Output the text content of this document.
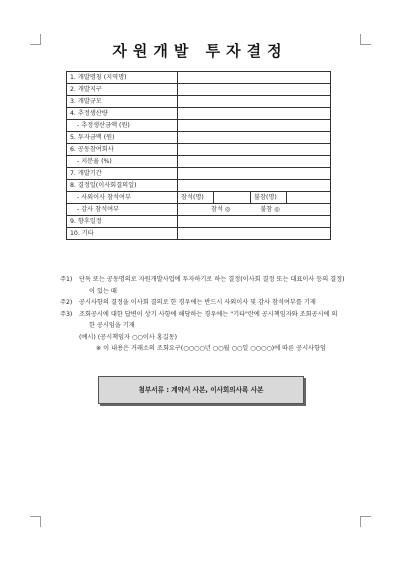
자원개발 투자결정
1. 개발명칭 (지역명)	
2. 개발지구	
3. 개발규모	
4. 추정생산량	
- 추정생산금액 (원)	
5. 투자금액 (원)	
6. 공동참여회사	
- 지분율 (%)	
7. 개발기간	
8. 결정일(이사회결의일)	
- 사외이사 참석여부		참석(명)		불참(명)	

- 감사 참석여부	참석 ◎	불참 ◎
9. 향후일정	
10. 기타	
주1)	단독 또는 공동명의로 자원개발사업에 투자하기로 하는 결정(이사회 결정 또는 대표이사 등의 결정)
이 있는 때
주2)	공시사항의 결정을 이사회 결의로 한 경우에는 반드시 사외이사 및 감사 참석여부를 기재
주3)	조회공시에 대한 답변이 상기 사항에 해당하는 경우에는 "기타"란에 공시책임자와 조회공시에 의
한 공시임을 기재
(예시) (공시책임자 ○○이사 홍길동)
※ 이 내용은 거래소의 조회요구(○○○○년 ○○월 ○○일 ○○○○)에 따른 공시사항임
첨부서류 : 계약서 사본, 이사회의사록 사본
